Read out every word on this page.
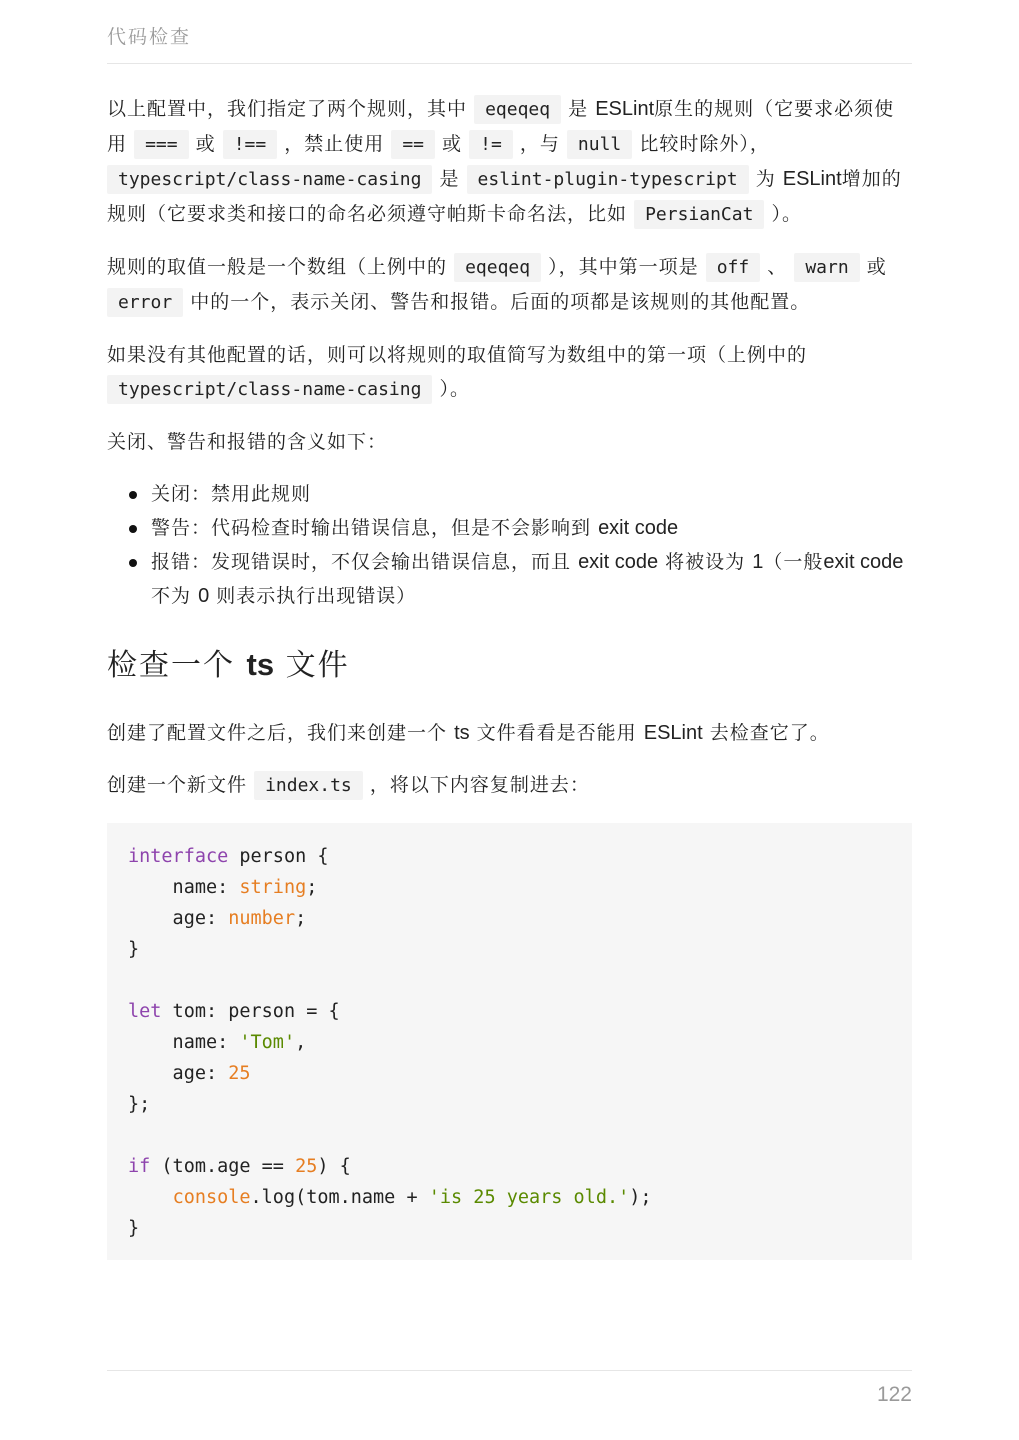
代码检查

以上配置中，我们指定了两个规则，其中 eqeqeq 是 ESLint原生的规则（它要求必须使用 === 或 !== ，禁止使用 == 或 != ，与 null 比较时除外）， typescript/class-name-casing 是 eslint-plugin-typescript 为 ESLint增加的规则（它要求类和接口的命名必须遵守帕斯卡命名法，比如 PersianCat ）。

规则的取值一般是一个数组（上例中的 eqeqeq ），其中第一项是 off 、 warn 或 error 中的一个，表示关闭、警告和报错。后面的项都是该规则的其他配置。

如果没有其他配置的话，则可以将规则的取值简写为数组中的第一项（上例中的 typescript/class-name-casing ）。

关闭、警告和报错的含义如下：

关闭：禁用此规则
警告：代码检查时输出错误信息，但是不会影响到 exit code
报错：发现错误时，不仅会输出错误信息，而且 exit code 将被设为 1（一般exit code 不为 0 则表示执行出现错误）
检查一个 ts 文件

创建了配置文件之后，我们来创建一个 ts 文件看看是否能用 ESLint 去检查它了。

创建一个新文件 index.ts ，将以下内容复制进去：

interface person {
name: string;
age: number;
}
let tom: person = {
name: 'Tom',
age: 25
};
if (tom.age == 25) {
console.log(tom.name + 'is 25 years old.');
}
122
